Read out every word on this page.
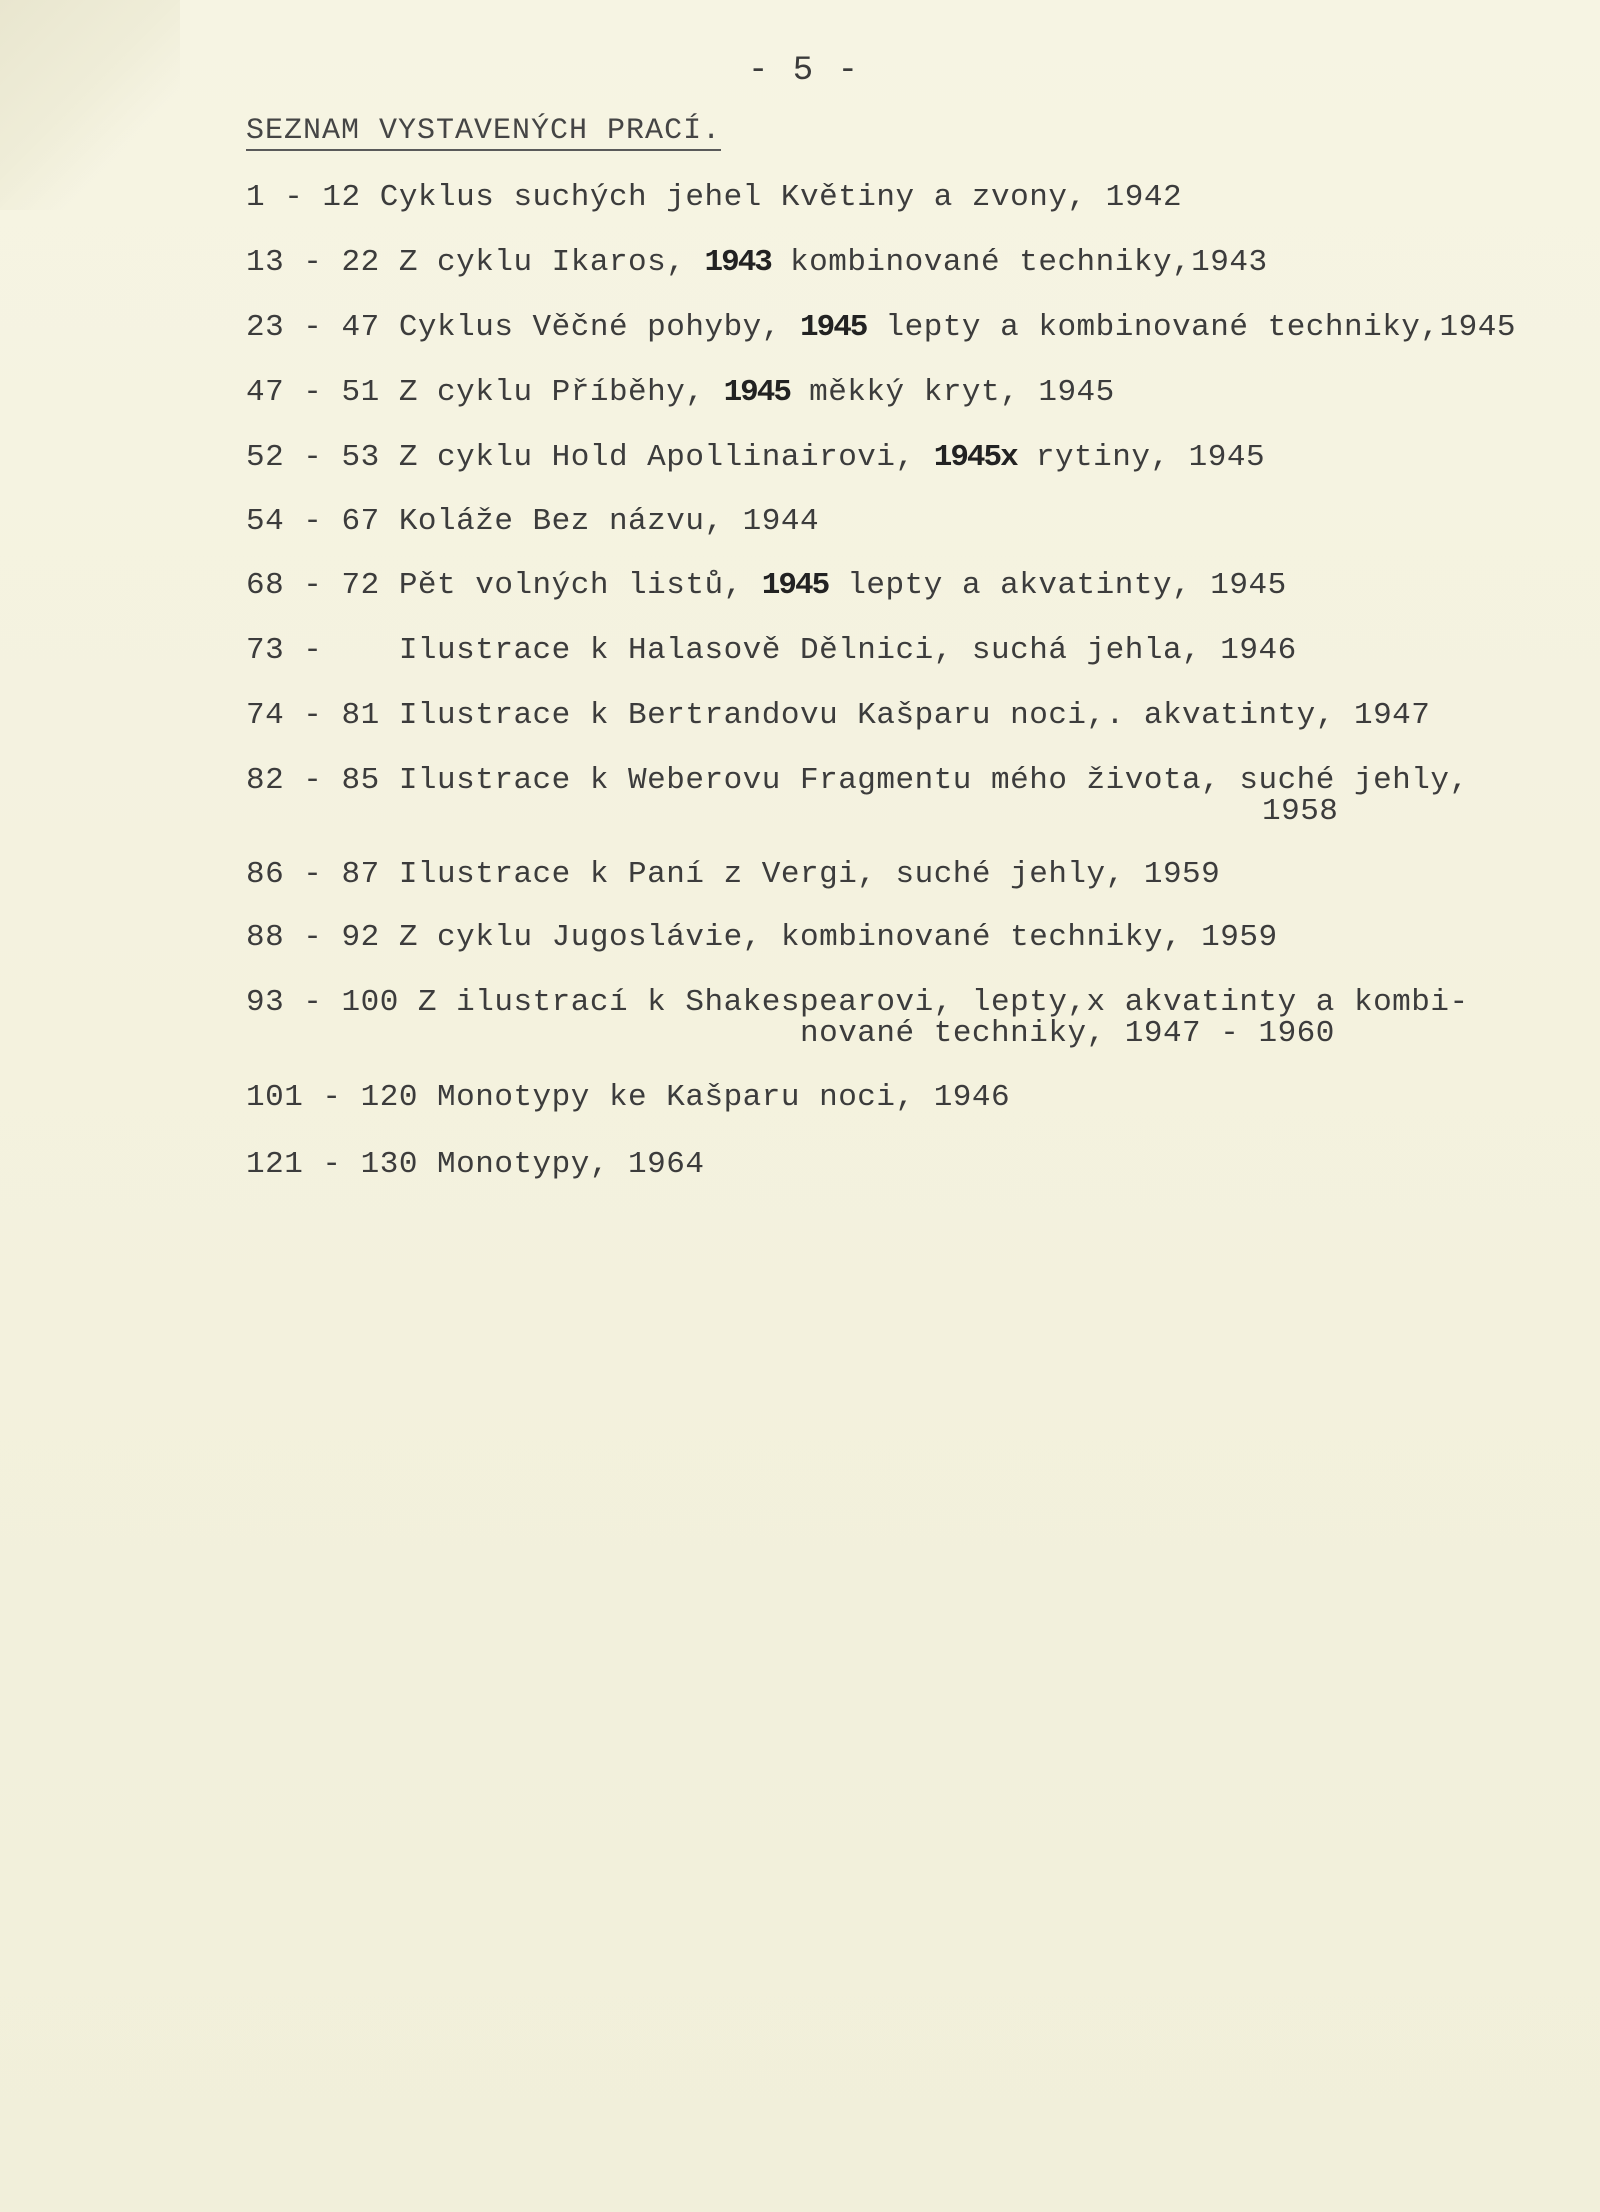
- 5 -
SEZNAM VYSTAVENÝCH PRACÍ.
1 - 12 Cyklus suchých jehel Květiny a zvony, 1942
13 - 22 Z cyklu Ikaros, 1943 kombinované techniky,1943
23 - 47 Cyklus Věčné pohyby, 1945 lepty a kombinované techniky,1945
47 - 51 Z cyklu Příběhy, 1945 měkký kryt, 1945
52 - 53 Z cyklu Hold Apollinairovi, 1945x rytiny, 1945
54 - 67 Koláže Bez názvu, 1944
68 - 72 Pět volných listů, 1945 lepty a akvatinty, 1945
73 -    Ilustrace k Halasově Dělnici, suchá jehla, 1946
74 - 81 Ilustrace k Bertrandovu Kašparu noci,. akvatinty, 1947
82 - 85 Ilustrace k Weberovu Fragmentu mého života, suché jehly,
1958
86 - 87 Ilustrace k Paní z Vergi, suché jehly, 1959
88 - 92 Z cyklu Jugoslávie, kombinované techniky, 1959
93 - 100 Z ilustrací k Shakespearovi, lepty,x akvatinty a kombi-
nované techniky, 1947 - 1960
101 - 120 Monotypy ke Kašparu noci, 1946
121 - 130 Monotypy, 1964
